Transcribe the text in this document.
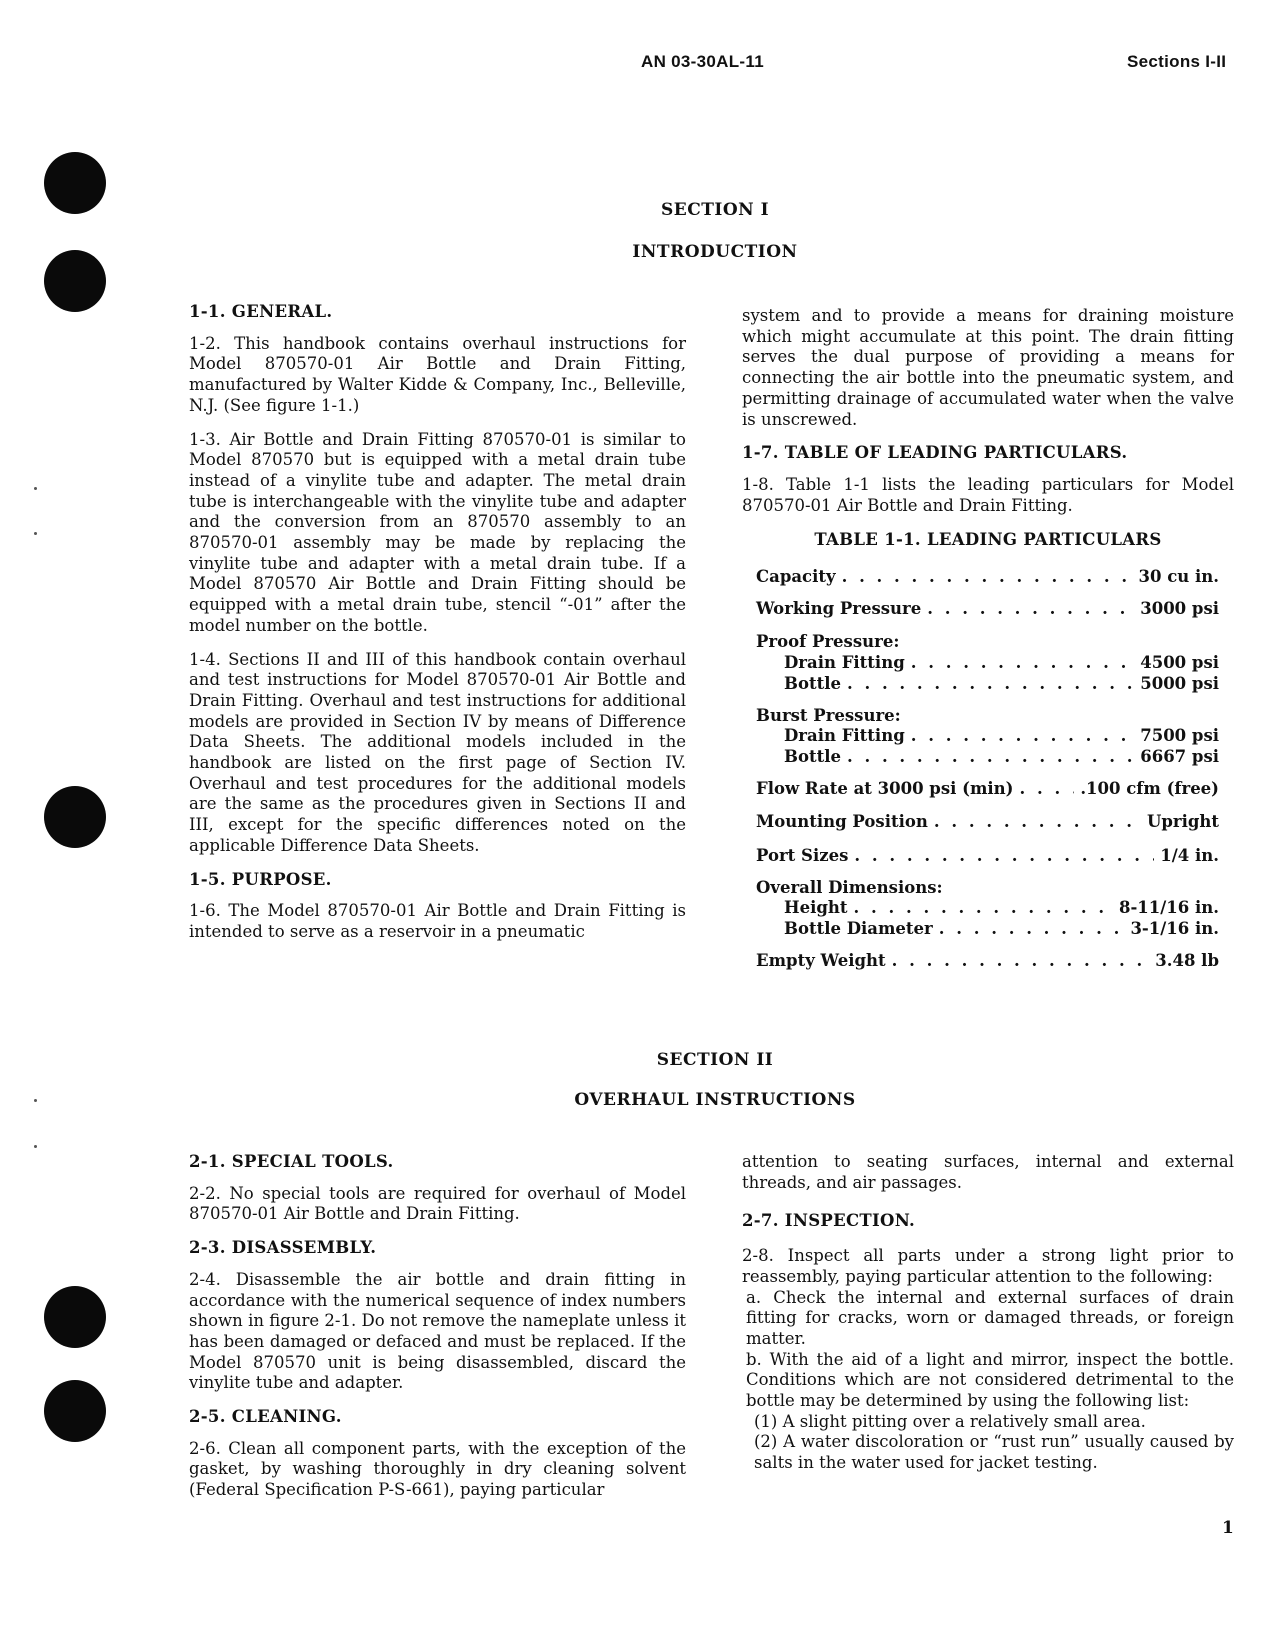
AN 03-30AL-11	Sections I-II
SECTION I
INTRODUCTION

1-1. GENERAL.

1-2. This handbook contains overhaul instructions for Model 870570-01 Air Bottle and Drain Fitting, manufactured by Walter Kidde & Company, Inc., Belleville, N.J. (See figure 1-1.)

1-3. Air Bottle and Drain Fitting 870570-01 is similar to Model 870570 but is equipped with a metal drain tube instead of a vinylite tube and adapter. The metal drain tube is interchangeable with the vinylite tube and adapter and the conversion from an 870570 assembly to an 870570-01 assembly may be made by replacing the vinylite tube and adapter with a metal drain tube. If a Model 870570 Air Bottle and Drain Fitting should be equipped with a metal drain tube, stencil “-01” after the model number on the bottle.

1-4. Sections II and III of this handbook contain overhaul and test instructions for Model 870570-01 Air Bottle and Drain Fitting. Overhaul and test instructions for additional models are provided in Section IV by means of Difference Data Sheets. The additional models included in the handbook are listed on the first page of Section IV. Overhaul and test procedures for the additional models are the same as the procedures given in Sections II and III, except for the specific differences noted on the applicable Difference Data Sheets.

1-5. PURPOSE.

1-6. The Model 870570-01 Air Bottle and Drain Fitting is intended to serve as a reservoir in a pneumatic

system and to provide a means for draining moisture which might accumulate at this point. The drain fitting serves the dual purpose of providing a means for connecting the air bottle into the pneumatic system, and permitting drainage of accumulated water when the valve is unscrewed.

1-7. TABLE OF LEADING PARTICULARS.

1-8. Table 1-1 lists the leading particulars for Model 870570-01 Air Bottle and Drain Fitting.

TABLE 1-1. LEADING PARTICULARS
Capacity . . .	30 cu in.
Working Pressure . . .	3000 psi
Proof Pressure:
Drain Fitting . . .	4500 psi
Bottle . . .	5000 psi
Burst Pressure:
Drain Fitting . . .	7500 psi
Bottle . . .	6667 psi
Flow Rate at 3000 psi (min) . . .	.100 cfm (free)
Mounting Position . . .	Upright
Port Sizes . . .	1/4 in.
Overall Dimensions:
Height . . .	8-11/16 in.
Bottle Diameter . . .	3-1/16 in.
Empty Weight . . .	3.48 lb
SECTION II
OVERHAUL INSTRUCTIONS

2-1. SPECIAL TOOLS.

2-2. No special tools are required for overhaul of Model 870570-01 Air Bottle and Drain Fitting.

2-3. DISASSEMBLY.

2-4. Disassemble the air bottle and drain fitting in accordance with the numerical sequence of index numbers shown in figure 2-1. Do not remove the nameplate unless it has been damaged or defaced and must be replaced. If the Model 870570 unit is being disassembled, discard the vinylite tube and adapter.

2-5. CLEANING.

2-6. Clean all component parts, with the exception of the gasket, by washing thoroughly in dry cleaning solvent (Federal Specification P-S-661), paying particular

attention to seating surfaces, internal and external threads, and air passages.

2-7. INSPECTION.

2-8. Inspect all parts under a strong light prior to reassembly, paying particular attention to the following:

a. Check the internal and external surfaces of drain fitting for cracks, worn or damaged threads, or foreign matter.

b. With the aid of a light and mirror, inspect the bottle. Conditions which are not considered detrimental to the bottle may be determined by using the following list:

(1) A slight pitting over a relatively small area.

(2) A water discoloration or “rust run” usually caused by salts in the water used for jacket testing.

1
